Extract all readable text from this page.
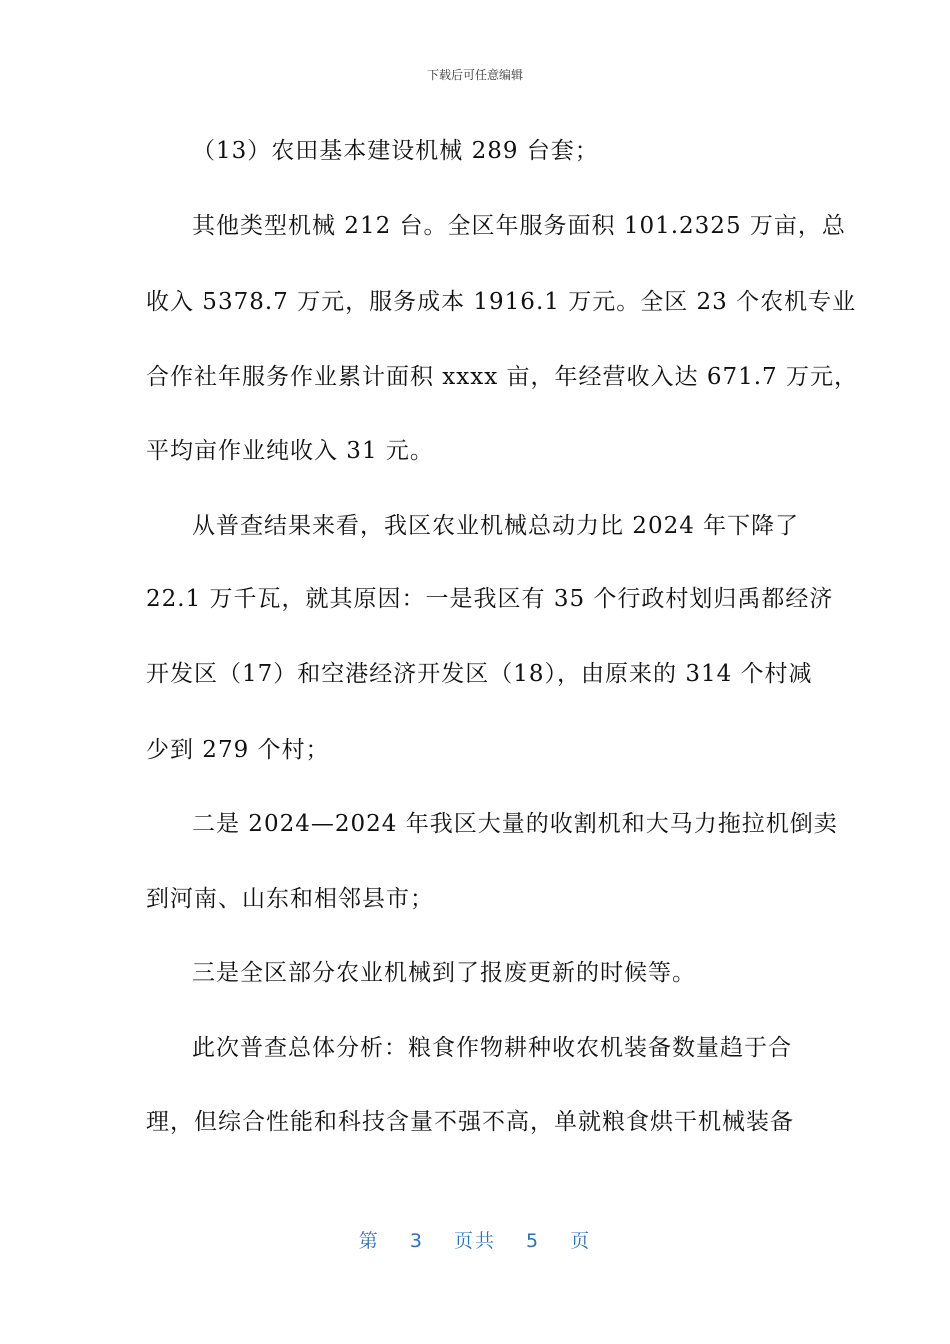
下载后可任意编辑
（13）农田基本建设机械 289 台套；
其他类型机械 212 台。全区年服务面积 101.2325 万亩，总
收入 5378.7 万元，服务成本 1916.1 万元。全区 23 个农机专业
合作社年服务作业累计面积 xxxx 亩，年经营收入达 671.7 万元，
平均亩作业纯收入 31 元。
从普查结果来看，我区农业机械总动力比 2024 年下降了
22.1 万千瓦，就其原因：一是我区有 35 个行政村划归禹都经济
开发区（17）和空港经济开发区（18），由原来的 314 个村减
少到 279 个村；
二是 2024—2024 年我区大量的收割机和大马力拖拉机倒卖
到河南、山东和相邻县市；
三是全区部分农业机械到了报废更新的时候等。
此次普查总体分析：粮食作物耕种收农机装备数量趋于合
理，但综合性能和科技含量不强不高，单就粮食烘干机械装备
第 3 页共 5 页
